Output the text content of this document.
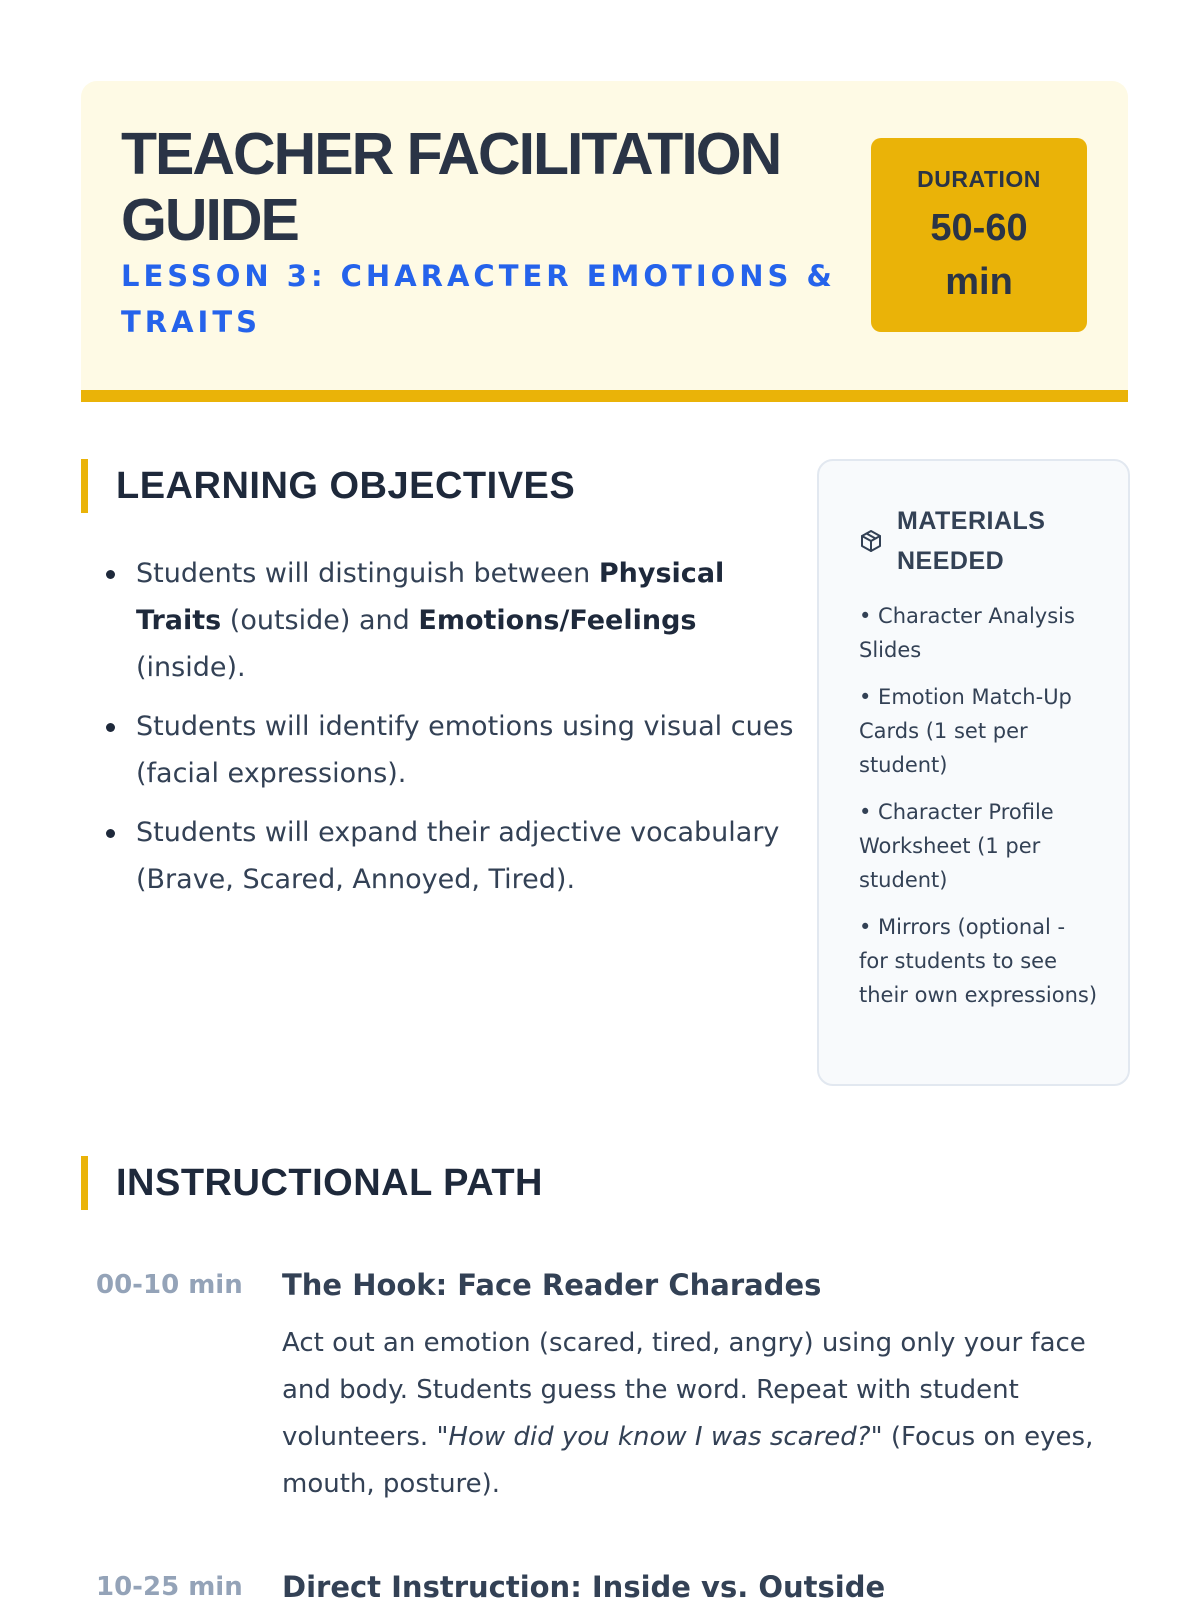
TEACHER FACILITATION GUIDE
LESSON 3: CHARACTER EMOTIONS & TRAITS
DURATION
50-60 min
LEARNING OBJECTIVES
Students will distinguish between Physical Traits (outside) and Emotions/Feelings (inside).
Students will identify emotions using visual cues (facial expressions).
Students will expand their adjective vocabulary (Brave, Scared, Annoyed, Tired).
MATERIALS NEEDED
• Character Analysis Slides
• Emotion Match-Up Cards (1 set per student)
• Character Profile Worksheet (1 per student)
• Mirrors (optional - for students to see their own expressions)
INSTRUCTIONAL PATH
00-10 min	The Hook: Face Reader Charades

Act out an emotion (scared, tired, angry) using only your face and body. Students guess the word. Repeat with student volunteers. "How did you know I was scared?" (Focus on eyes, mouth, posture).

10-25 min	Direct Instruction: Inside vs. Outside
